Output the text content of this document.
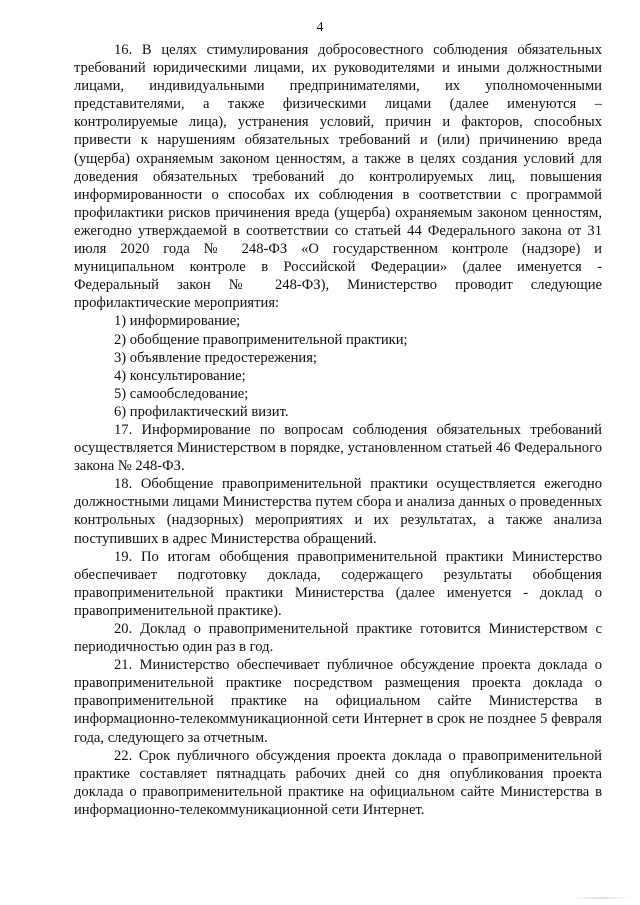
4

16. В целях стимулирования добросовестного соблюдения обязательных требований юридическими лицами, их руководителями и иными должностными лицами, индивидуальными предпринимателями, их уполномоченными представителями, а также физическими лицами (далее именуются – контролируемые лица), устранения условий, причин и факторов, способных привести к нарушениям обязательных требований и (или) причинению вреда (ущерба) охраняемым законом ценностям, а также в целях создания условий для доведения обязательных требований до контролируемых лиц, повышения информированности о способах их соблюдения в соответствии с программой профилактики рисков причинения вреда (ущерба) охраняемым законом ценностям, ежегодно утверждаемой в соответствии со статьей 44 Федерального закона от 31 июля 2020 года № 248-ФЗ «О государственном контроле (надзоре) и муниципальном контроле в Российской Федерации» (далее именуется - Федеральный закон № 248-ФЗ), Министерство проводит следующие профилактические мероприятия:

1) информирование;

2) обобщение правоприменительной практики;

3) объявление предостережения;

4) консультирование;

5) самообследование;

6) профилактический визит.

17. Информирование по вопросам соблюдения обязательных требований осуществляется Министерством в порядке, установленном статьей 46 Федерального закона № 248-ФЗ.

18. Обобщение правоприменительной практики осуществляется ежегодно должностными лицами Министерства путем сбора и анализа данных о проведенных контрольных (надзорных) мероприятиях и их результатах, а также анализа поступивших в адрес Министерства обращений.

19. По итогам обобщения правоприменительной практики Министерство обеспечивает подготовку доклада, содержащего результаты обобщения правоприменительной практики Министерства (далее именуется - доклад о правоприменительной практике).

20. Доклад о правоприменительной практике готовится Министерством с периодичностью один раз в год.

21. Министерство обеспечивает публичное обсуждение проекта доклада о правоприменительной практике посредством размещения проекта доклада о правоприменительной практике на официальном сайте Министерства в информационно-телекоммуникационной сети Интернет в срок не позднее 5 февраля года, следующего за отчетным.

22. Срок публичного обсуждения проекта доклада о правоприменительной практике составляет пятнадцать рабочих дней со дня опубликования проекта доклада о правоприменительной практике на официальном сайте Министерства в информационно-телекоммуникационной сети Интернет.
